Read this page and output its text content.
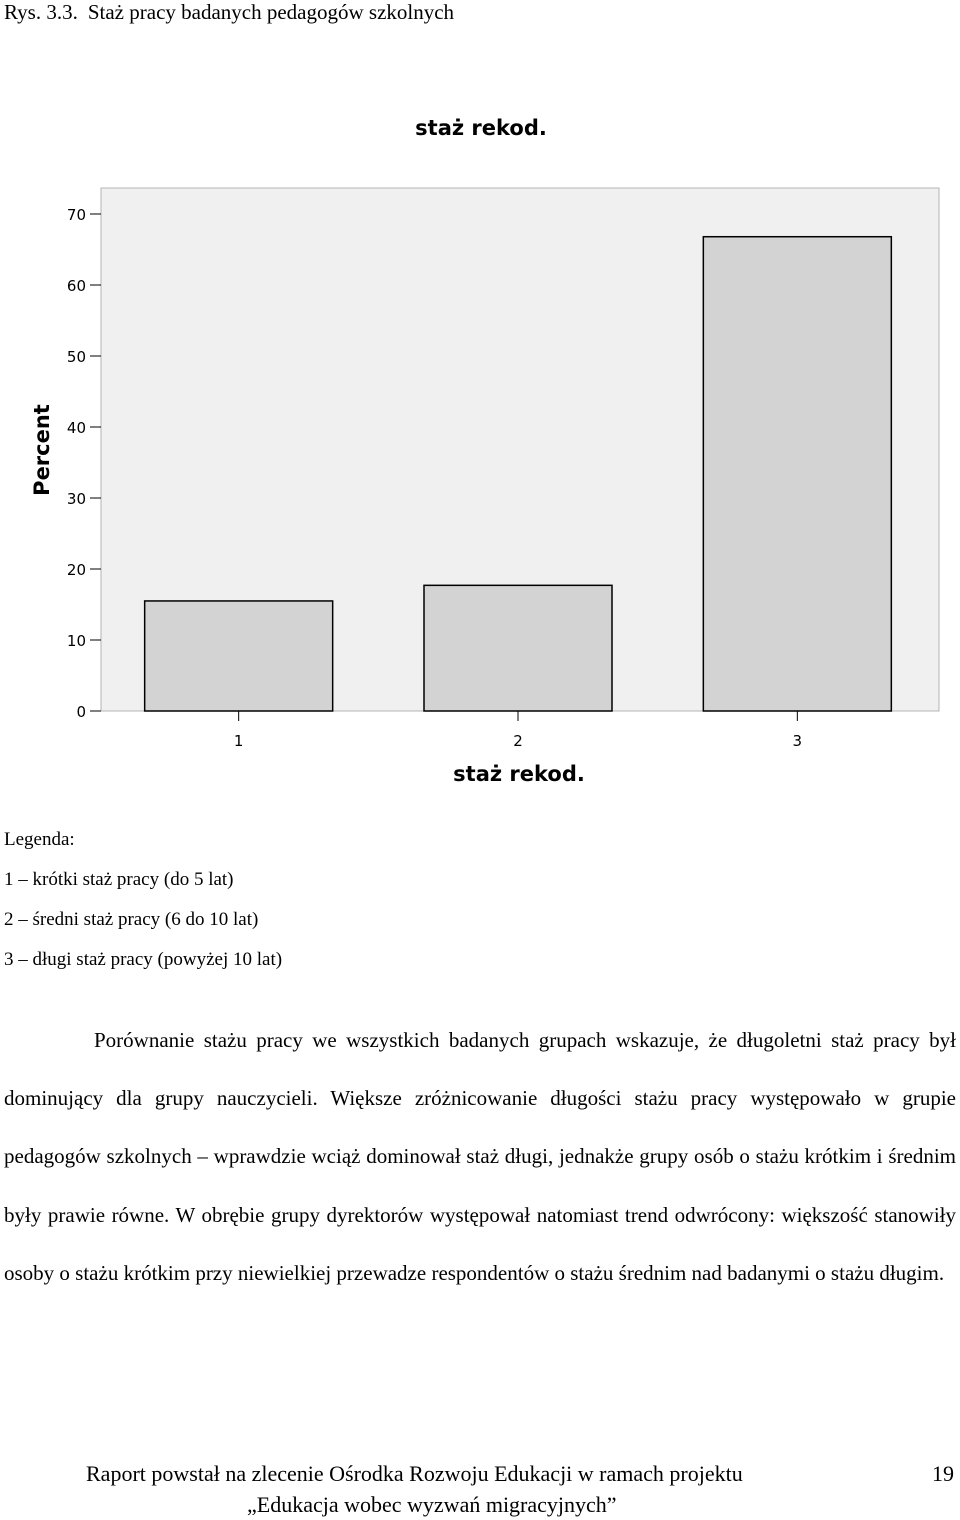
Rys. 3.3. Staż pracy badanych pedagogów szkolnych
staż rekod.
0
10
20
30
40
50
60
70
1	2	3
Percent
staż rekod.
Legenda:
1 – krótki staż pracy (do 5 lat)
2 – średni staż pracy (6 do 10 lat)
3 – długi staż pracy (powyżej 10 lat)
Porównanie stażu pracy we wszystkich badanych grupach wskazuje, że długoletni staż pracy był dominujący dla grupy nauczycieli. Większe zróżnicowanie długości stażu pracy występowało w grupie pedagogów szkolnych – wprawdzie wciąż dominował staż długi, jednakże grupy osób o stażu krótkim i średnim były prawie równe. W obrębie grupy dyrektorów występował natomiast trend odwrócony: większość stanowiły osoby o stażu krótkim przy niewielkiej przewadze respondentów o stażu średnim nad badanymi o stażu długim.
Raport powstał na zlecenie Ośrodka Rozwoju Edukacji w ramach projektu
„Edukacja wobec wyzwań migracyjnych”
19
